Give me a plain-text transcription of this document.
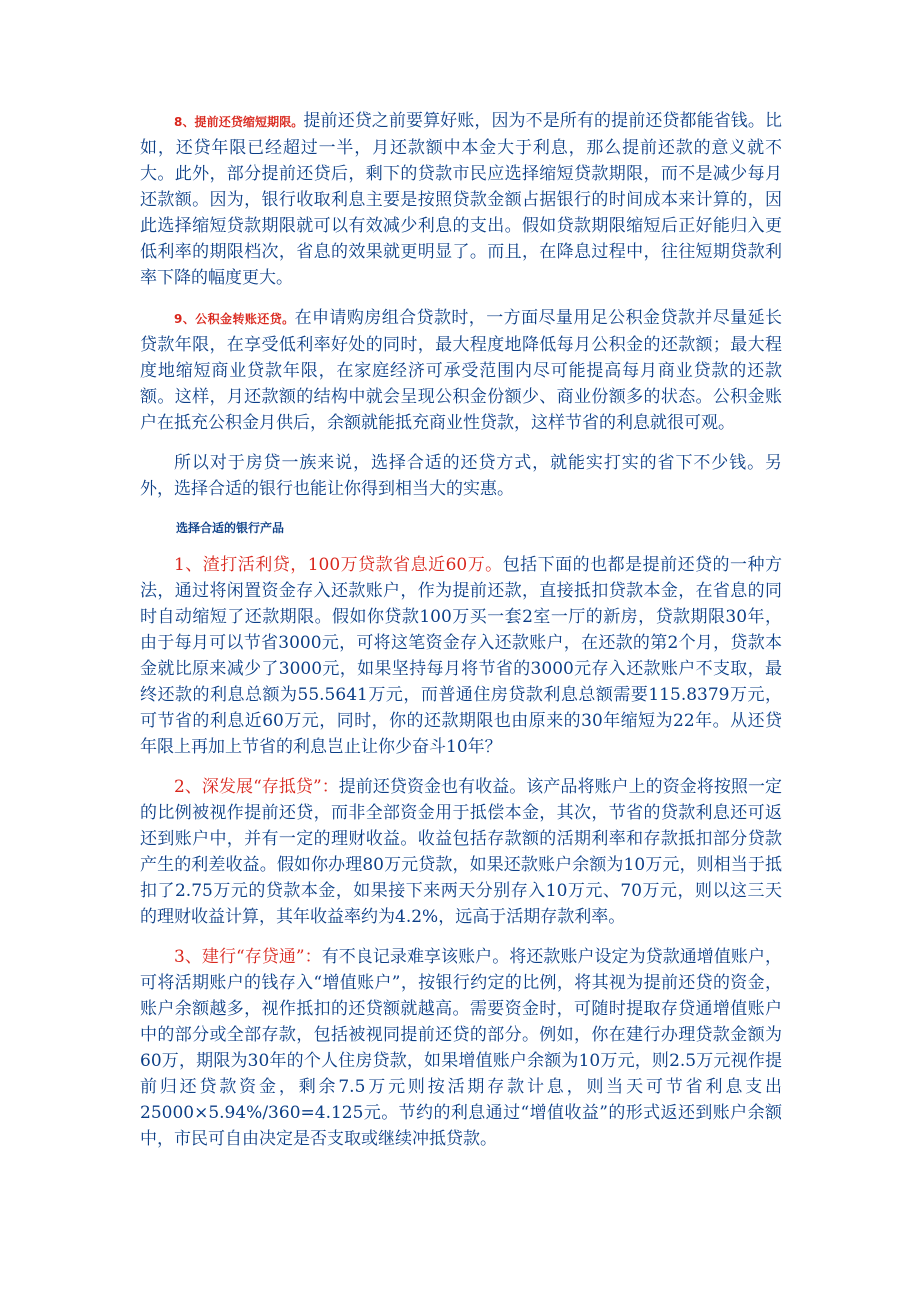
8、提前还贷缩短期限。提前还贷之前要算好账，因为不是所有的提前还贷都能省钱。比如，还贷年限已经超过一半，月还款额中本金大于利息，那么提前还款的意义就不大。此外，部分提前还贷后，剩下的贷款市民应选择缩短贷款期限，而不是减少每月还款额。因为，银行收取利息主要是按照贷款金额占据银行的时间成本来计算的，因此选择缩短贷款期限就可以有效减少利息的支出。假如贷款期限缩短后正好能归入更低利率的期限档次，省息的效果就更明显了。而且，在降息过程中，往往短期贷款利率下降的幅度更大。

9、公积金转账还贷。在申请购房组合贷款时，一方面尽量用足公积金贷款并尽量延长贷款年限，在享受低利率好处的同时，最大程度地降低每月公积金的还款额；最大程度地缩短商业贷款年限，在家庭经济可承受范围内尽可能提高每月商业贷款的还款额。这样，月还款额的结构中就会呈现公积金份额少、商业份额多的状态。公积金账户在抵充公积金月供后，余额就能抵充商业性贷款，这样节省的利息就很可观。

所以对于房贷一族来说，选择合适的还贷方式，就能实打实的省下不少钱。另外，选择合适的银行也能让你得到相当大的实惠。

选择合适的银行产品

1、渣打活利贷，100万贷款省息近60万。包括下面的也都是提前还贷的一种方法，通过将闲置资金存入还款账户，作为提前还款，直接抵扣贷款本金，在省息的同时自动缩短了还款期限。假如你贷款100万买一套2室一厅的新房，贷款期限30年，由于每月可以节省3000元，可将这笔资金存入还款账户，在还款的第2个月，贷款本金就比原来减少了3000元，如果坚持每月将节省的3000元存入还款账户不支取，最终还款的利息总额为55.5641万元，而普通住房贷款利息总额需要115.8379万元，可节省的利息近60万元，同时，你的还款期限也由原来的30年缩短为22年。从还贷年限上再加上节省的利息岂止让你少奋斗10年？

2、深发展“存抵贷”：提前还贷资金也有收益。该产品将账户上的资金将按照一定的比例被视作提前还贷，而非全部资金用于抵偿本金，其次，节省的贷款利息还可返还到账户中，并有一定的理财收益。收益包括存款额的活期利率和存款抵扣部分贷款产生的利差收益。假如你办理80万元贷款，如果还款账户余额为10万元，则相当于抵扣了2.75万元的贷款本金，如果接下来两天分别存入10万元、70万元，则以这三天的理财收益计算，其年收益率约为4.2%，远高于活期存款利率。

3、建行“存贷通”：有不良记录难享该账户。将还款账户设定为贷款通增值账户，可将活期账户的钱存入“增值账户”，按银行约定的比例，将其视为提前还贷的资金，账户余额越多，视作抵扣的还贷额就越高。需要资金时，可随时提取存贷通增值账户中的部分或全部存款，包括被视同提前还贷的部分。例如，你在建行办理贷款金额为60万，期限为30年的个人住房贷款，如果增值账户余额为10万元，则2.5万元视作提前归还贷款资金，剩余7.5万元则按活期存款计息，则当天可节省利息支出25000×5.94%/360=4.125元。节约的利息通过“增值收益”的形式返还到账户余额中，市民可自由决定是否支取或继续冲抵贷款。
